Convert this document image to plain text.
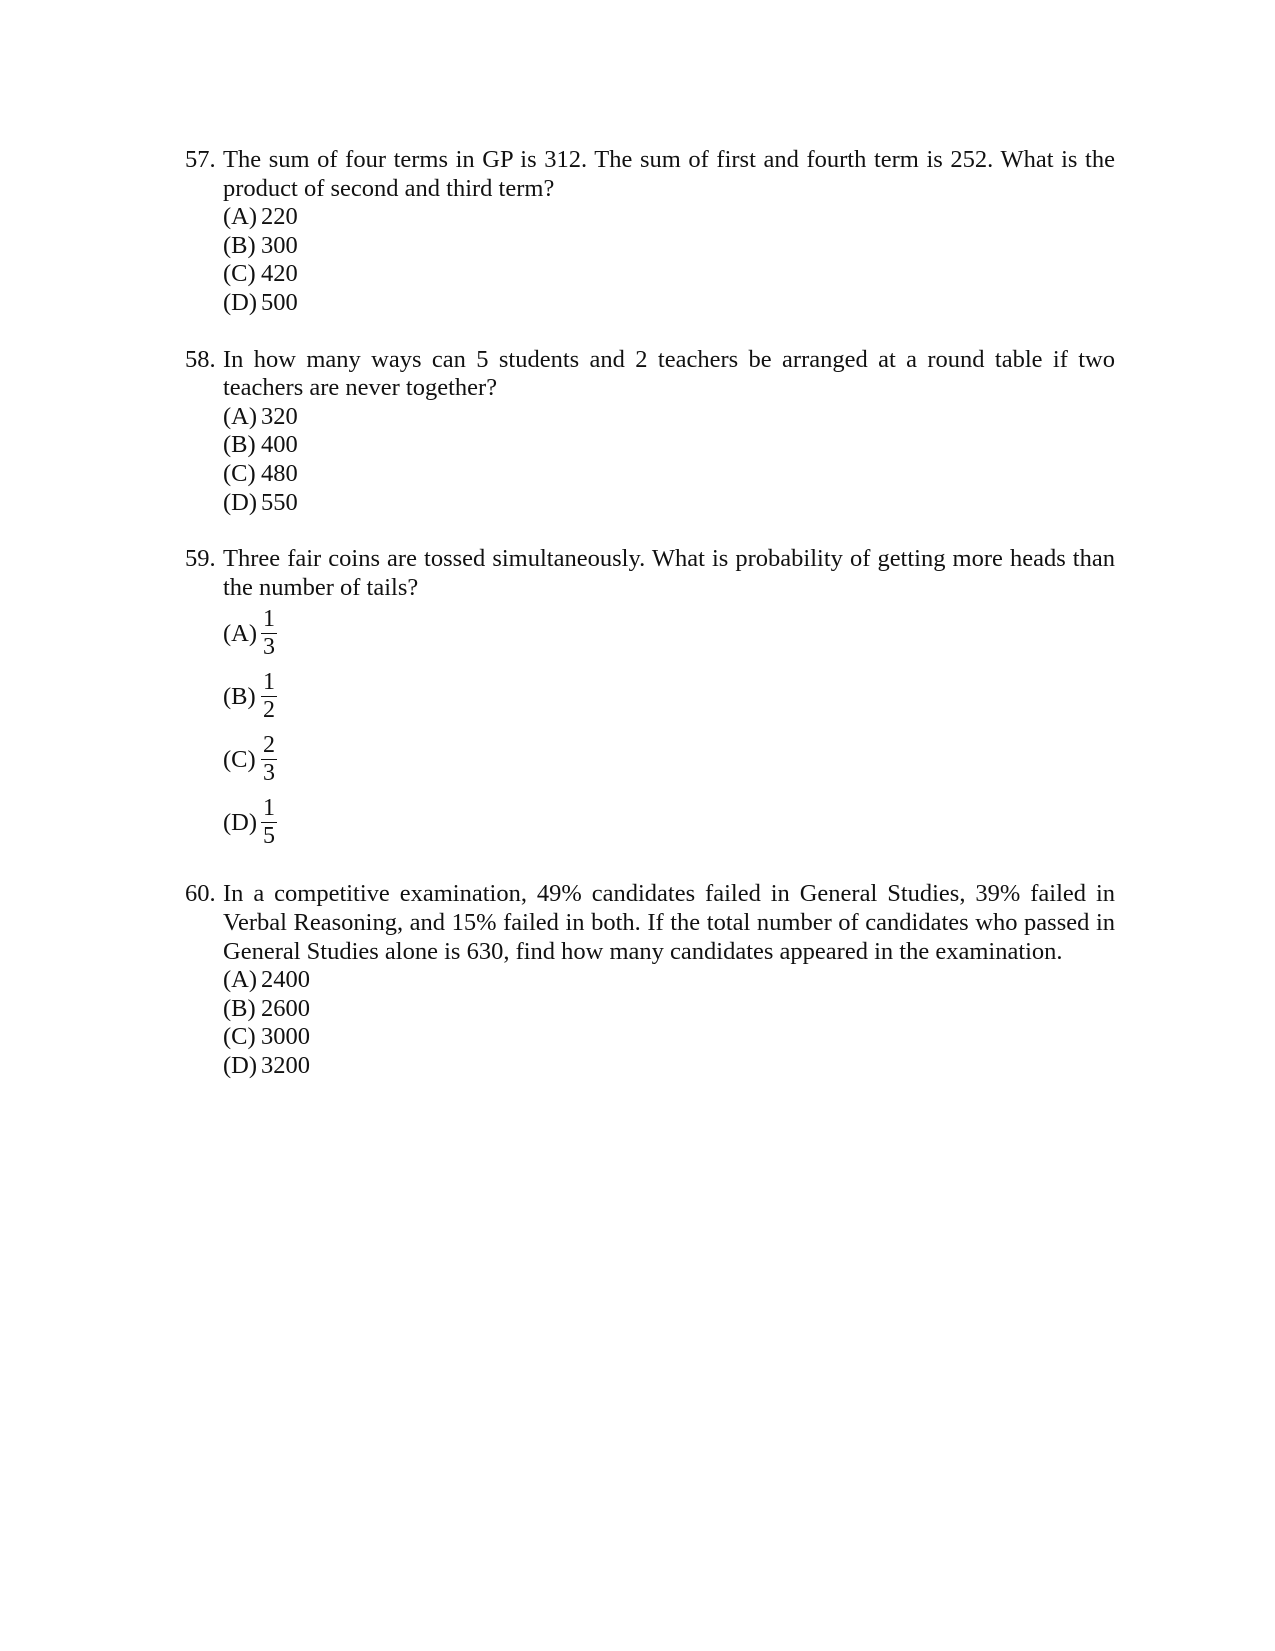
57. The sum of four terms in GP is 312. The sum of first and fourth term is 252. What is the product of second and third term?
(A) 220
(B) 300
(C) 420
(D) 500
58. In how many ways can 5 students and 2 teachers be arranged at a round table if two teachers are never together?
(A) 320
(B) 400
(C) 480
(D) 550
59. Three fair coins are tossed simultaneously. What is probability of getting more heads than the number of tails?
$(A) \frac{1}{3}$
$(B) \frac{1}{2}$
$(C) \frac{2}{3}$
$(D) \frac{1}{5}$
60. In a competitive examination, 49% candidates failed in General Studies, 39% failed in Verbal Reasoning, and 15% failed in both. If the total number of candidates who passed in General Studies alone is 630, find how many candidates appeared in the examination.
(A) 2400
(B) 2600
(C) 3000
(D) 3200
